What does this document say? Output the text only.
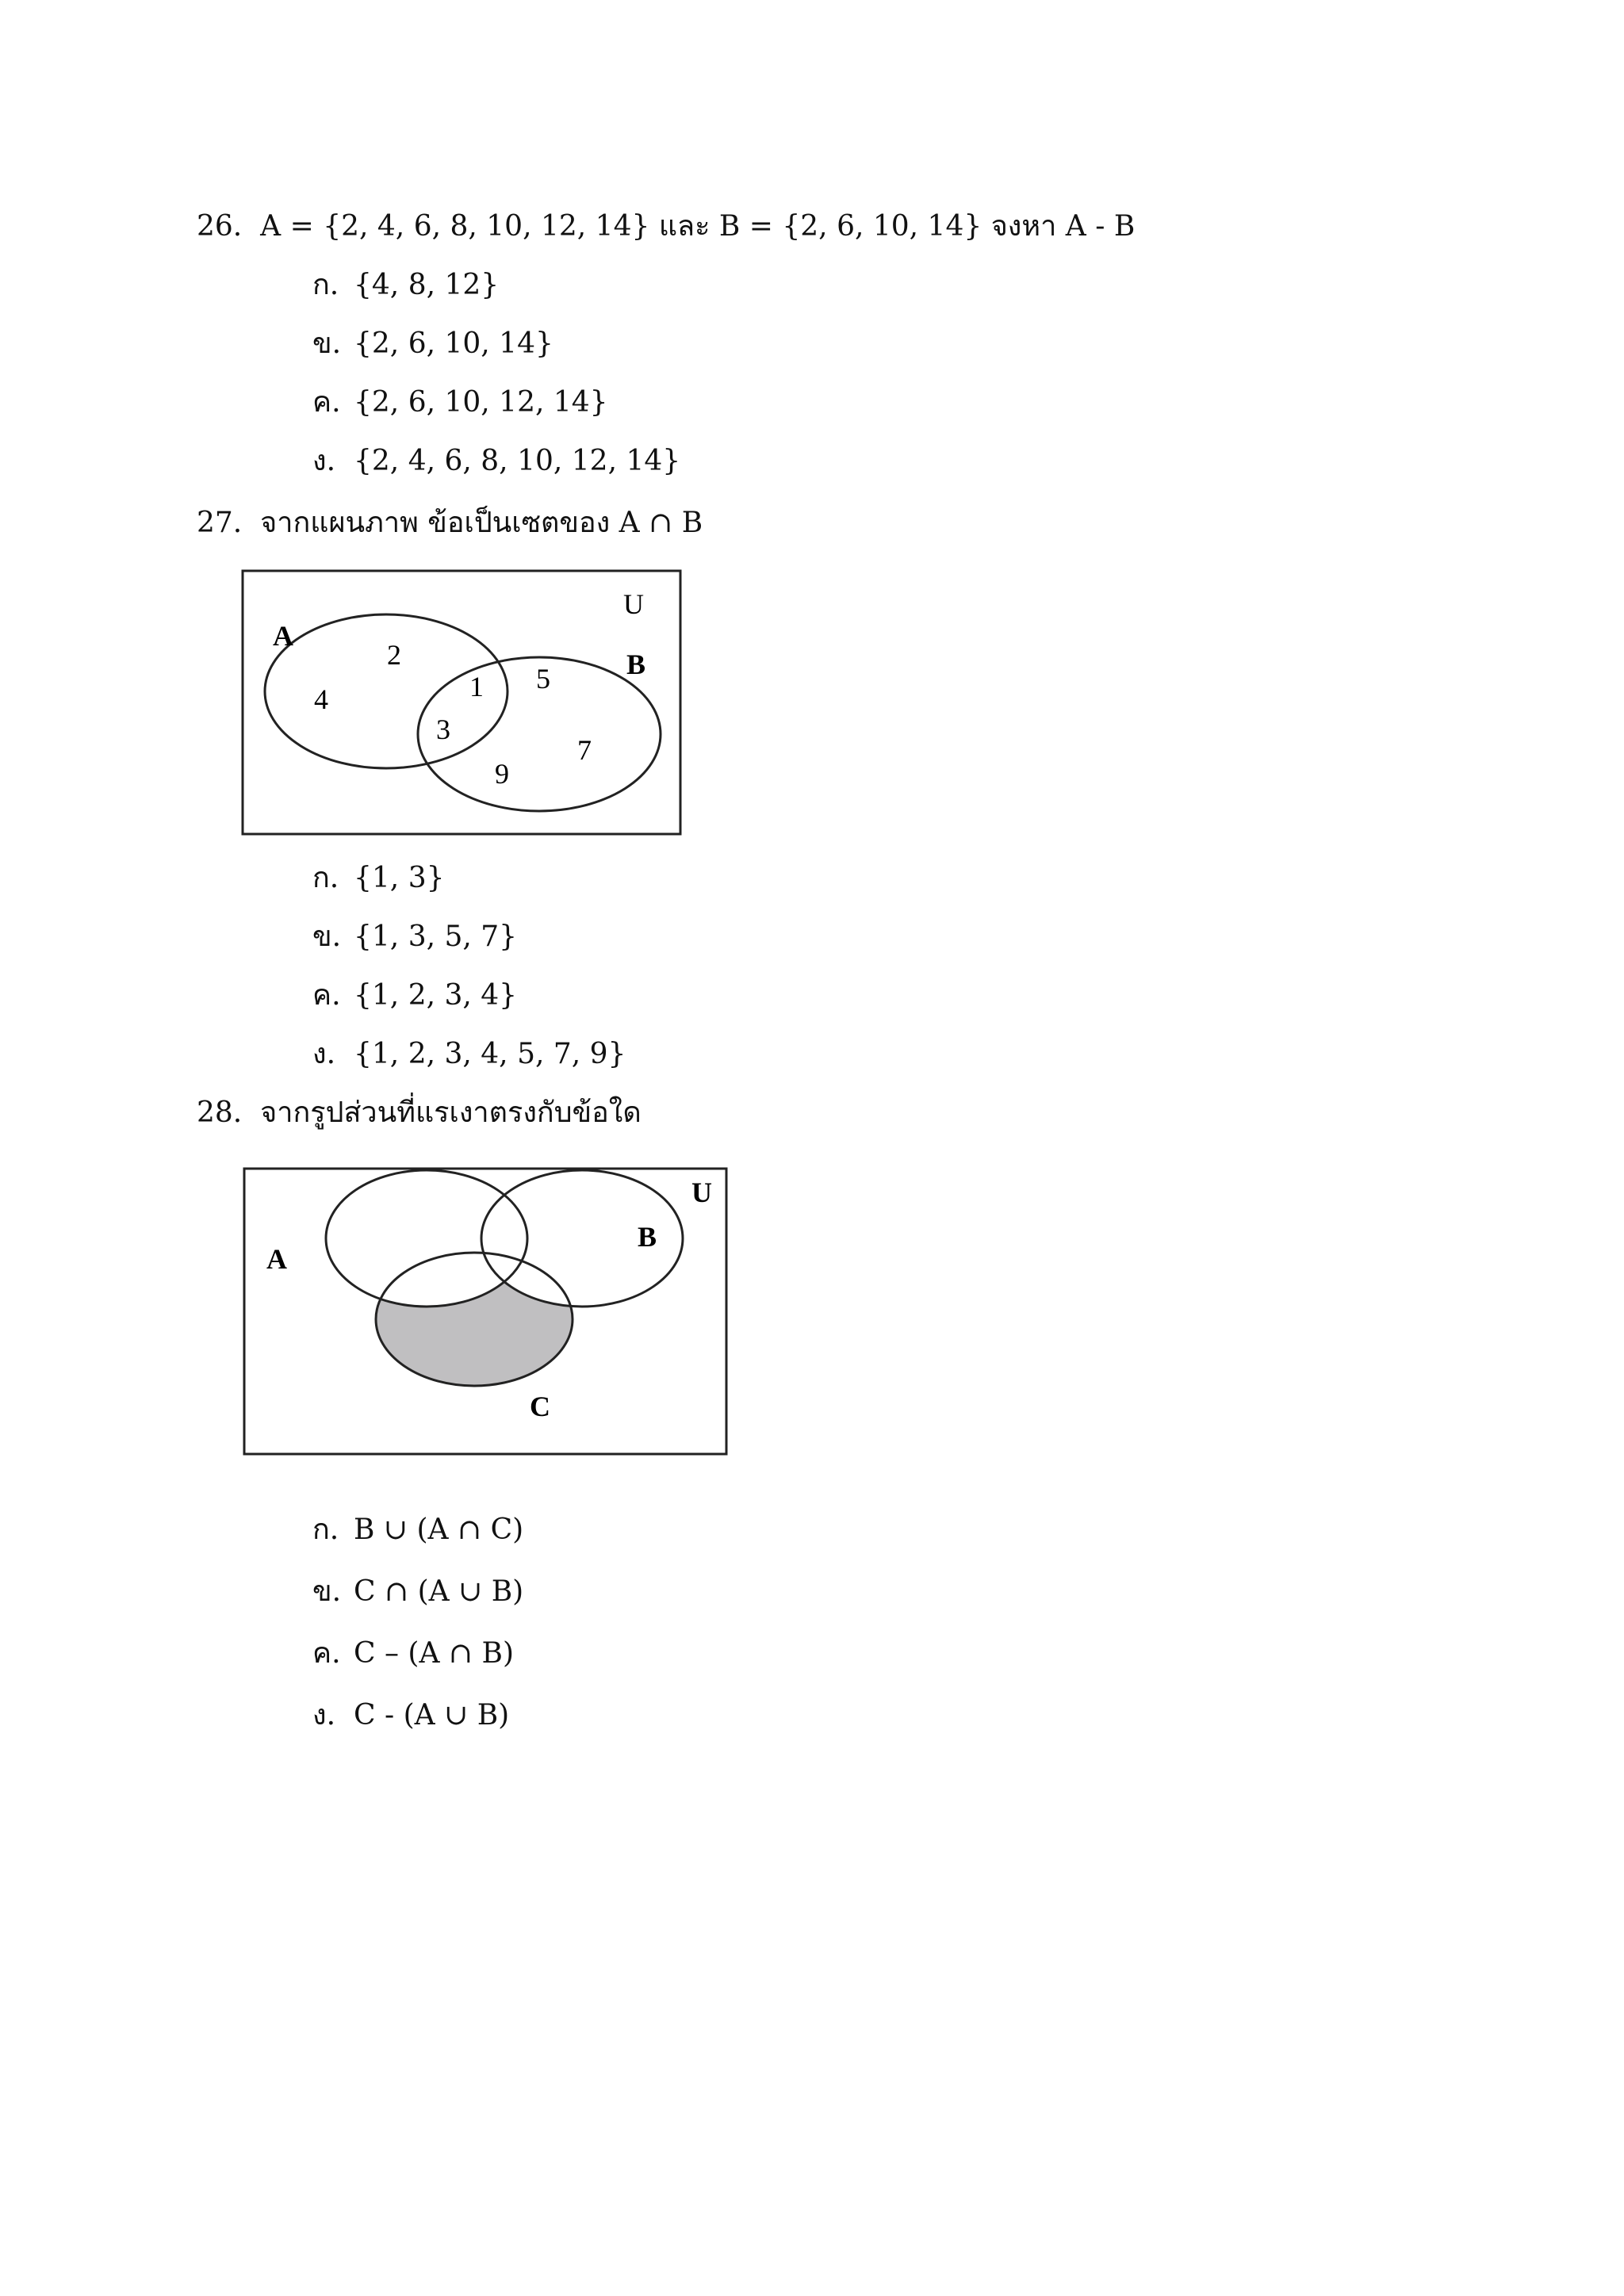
26. A = {2, 4, 6, 8, 10, 12, 14} และ B = {2, 6, 10, 14} จงหา A - B
ก. {4, 8, 12}
ข. {2, 6, 10, 14}
ค. {2, 6, 10, 12, 14}
ง. {2, 4, 6, 8, 10, 12, 14}
27. จากแผนภาพ ข้อเป็นเซตของ A ∩ B
U
A
B
2
4	1
3
5
9
7
ก. {1, 3}
ข. {1, 3, 5, 7}
ค. {1, 2, 3, 4}
ง. {1, 2, 3, 4, 5, 7, 9}
28. จากรูปส่วนที่แรเงาตรงกับข้อใด
U
A
B
C
ก. B ∪ (A ∩ C)
ข. C ∩ (A ∪ B)
ค. C – (A ∩ B)
ง. C - (A ∪ B)
